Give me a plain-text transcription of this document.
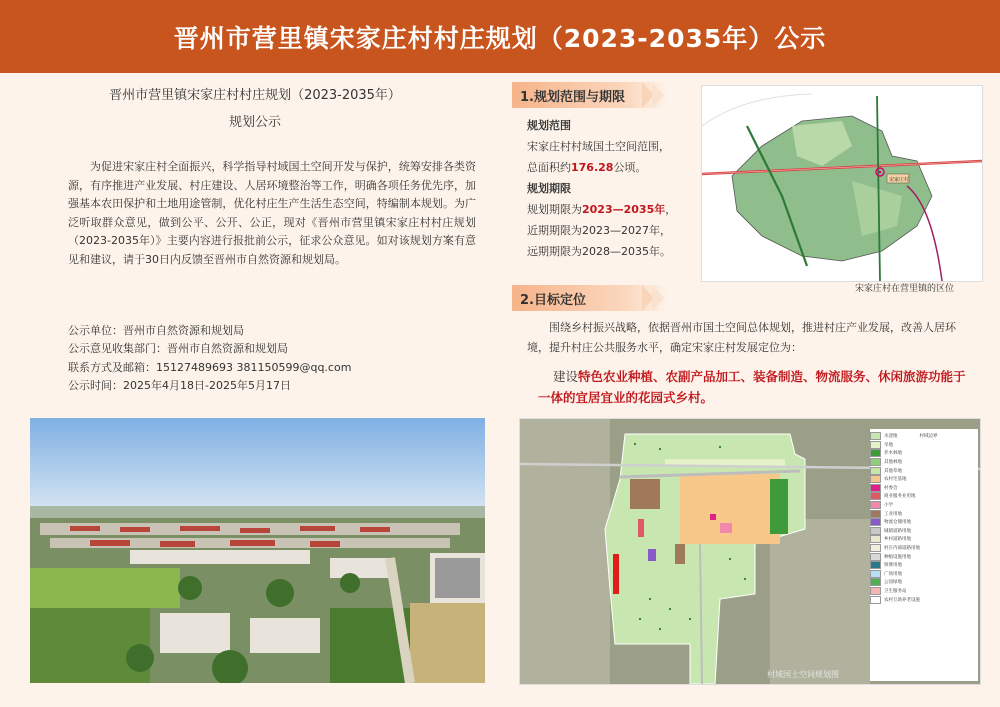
晋州市营里镇宋家庄村村庄规划（2023-2035年）公示
晋州市营里镇宋家庄村村庄规划（2023-2035年）
规划公示
为促进宋家庄村全面振兴，科学指导村域国土空间开发与保护，统筹安排各类资源，有序推进产业发展、村庄建设、人居环境整治等工作，明确各项任务优先序，加强基本农田保护和土地用途管制，优化村庄生产生活生态空间，特编制本规划。为广泛听取群众意见，做到公平、公开、公正，现对《晋州市营里镇宋家庄村村庄规划（2023-2035年）》主要内容进行报批前公示，征求公众意见。如对该规划方案有意见和建议，请于30日内反馈至晋州市自然资源和规划局。
公示单位：晋州市自然资源和规划局
公示意见收集部门：晋州市自然资源和规划局
联系方式及邮箱：15127489693 381150599@qq.com
公示时间：2025年4月18日-2025年5月17日
1.规划范围与期限
规划范围
宋家庄村村域国土空间范围，
总面积约176.28公顷。
规划期限
规划期限为2023—2035年，
近期期限为2023—2027年，
远期期限为2028—2035年。
宋家庄村
宋家庄村在营里镇的区位
2.目标定位
围绕乡村振兴战略，依据晋州市国土空间总体规划，推进村庄产业发展，改善人居环境，提升村庄公共服务水平，确定宋家庄村发展定位为：
建设特色农业种植、农副产品加工、装备制造、物流服务、休闲旅游功能于一体的宜居宜业的花园式乡村。
水浇地	村域边界
旱地
乔木林地
其他林地
其他草地
农村宅基地
村委会
商业服务业用地
小学
工业用地
物流仓储用地
城镇道路用地
乡村道路用地
村庄内部道路用地
种植设施用地
殡葬用地
广场用地
公园绿地
卫生服务站
农村互助养老设施
村域国土空间规划图
